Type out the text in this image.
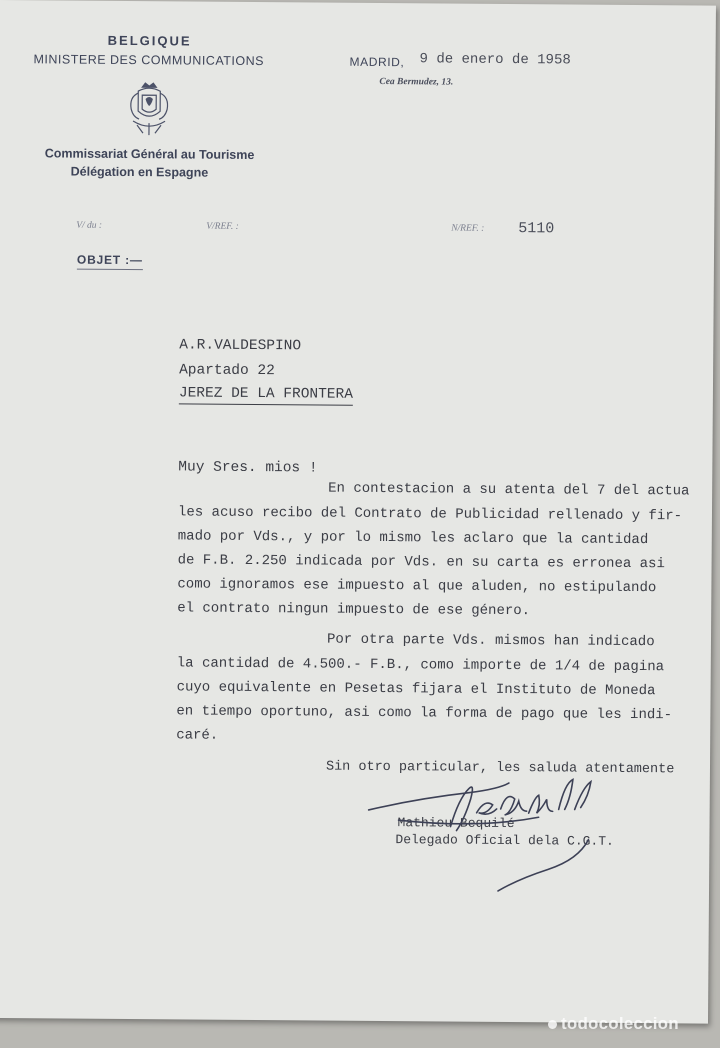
BELGIQUE
MINISTERE DES COMMUNICATIONS
Commissariat Général au Tourisme
Délégation en Espagne
MADRID, 9 de enero de 1958
Cea Bermudez, 13.
V/ du :	V/REF. :	N/REF. : 5110
OBJET :—
A.R.VALDESPINO
Apartado 22
JEREZ DE LA FRONTERA
Muy Sres. mios !
En contestacion a su atenta del 7 del actua
les acuso recibo del Contrato de Publicidad rellenado y fir-
mado por Vds., y por lo mismo les aclaro que la cantidad
de F.B. 2.250 indicada por Vds. en su carta es erronea asi
como ignoramos ese impuesto al que aluden, no estipulando
el contrato ningun impuesto de ese género.
Por otra parte Vds. mismos han indicado
la cantidad de 4.500.- F.B., como importe de 1/4 de pagina
cuyo equivalente en Pesetas fijara el Instituto de Moneda
en tiempo oportuno, asi como la forma de pago que les indi-
caré.
Sin otro particular, les saluda atentamente
Mathieu Bequilé
Delegado Oficial dela C.G.T.
todocoleccion
